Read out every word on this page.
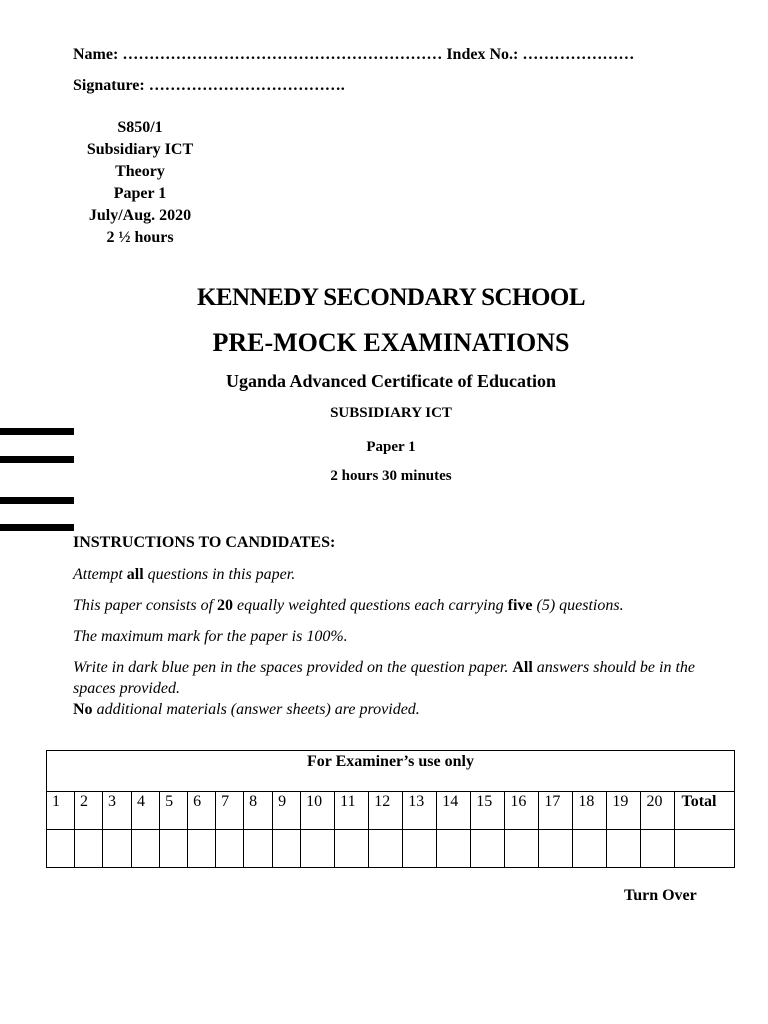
Name: …………………………………………………… Index No.: …………………
Signature: ……………………………….
S850/1
Subsidiary ICT
Theory
Paper 1
July/Aug. 2020
2 ½ hours
KENNEDY SECONDARY SCHOOL
PRE-MOCK EXAMINATIONS
Uganda Advanced Certificate of Education
SUBSIDIARY ICT
Paper 1
2 hours 30 minutes

INSTRUCTIONS TO CANDIDATES:

Attempt all questions in this paper.

This paper consists of 20 equally weighted questions each carrying five (5) questions.

The maximum mark for the paper is 100%.

Write in dark blue pen in the spaces provided on the question paper. All answers should be in the spaces provided.

No additional materials (answer sheets) are provided.

For Examiner’s use only																				
1	2	3	4	5	6	7	8	9	10	11	12	13	14	15	16	17	18	19	20	Total

Turn Over
